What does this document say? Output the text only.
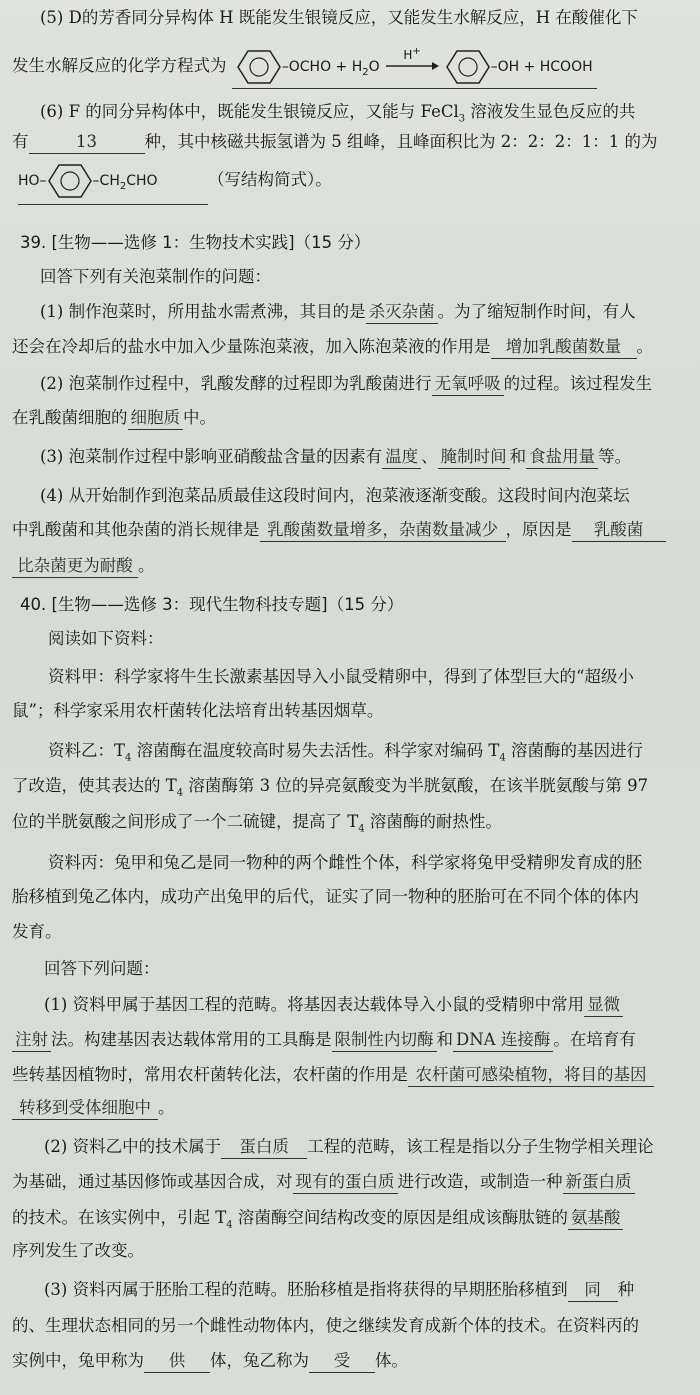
(5) D的芳香同分异构体 H 既能发生银镜反应，又能发生水解反应，H 在酸催化下
发生水解反应的化学方程式为	–OCHO + $H_2O$
H+
–OH + HCOOH
(6) F 的同分异构体中，既能发生银镜反应，又能与 FeCl$_3$ 溶液发生显色反应的共
有	13	种，其中核磁共振氢谱为 5 组峰，且峰面积比为 2：2：2：1：1 的为
HO–	$-CH_2CHO$	（写结构简式）。
39. [生物——选修 1：生物技术实践]（15 分）
回答下列有关泡菜制作的问题：
(1) 制作泡菜时，所用盐水需煮沸，其目的是 杀灭杂菌 。为了缩短制作时间，有人
还会在冷却后的盐水中加入少量陈泡菜液，加入陈泡菜液的作用是 增加乳酸菌数量 。
(2) 泡菜制作过程中，乳酸发酵的过程即为乳酸菌进行 无氧呼吸 的过程。该过程发生
在乳酸菌细胞的 细胞质 中。
(3) 泡菜制作过程中影响亚硝酸盐含量的因素有 温度 、 腌制时间 和 食盐用量 等。
(4) 从开始制作到泡菜品质最佳这段时间内，泡菜液逐渐变酸。这段时间内泡菜坛
中乳酸菌和其他杂菌的消长规律是 乳酸菌数量增多，杂菌数量减少 ，原因是 乳酸菌
比杂菌更为耐酸 。
40. [生物——选修 3：现代生物科技专题]（15 分）
阅读如下资料：
资料甲：科学家将牛生长激素基因导入小鼠受精卵中，得到了体型巨大的“超级小
鼠”；科学家采用农杆菌转化法培育出转基因烟草。
资料乙：$T_4$ 溶菌酶在温度较高时易失去活性。科学家对编码 $T_4$ 溶菌酶的基因进行
了改造，使其表达的 $T_4$ 溶菌酶第 3 位的异亮氨酸变为半胱氨酸，在该半胱氨酸与第 97
位的半胱氨酸之间形成了一个二硫键，提高了 $T_4$ 溶菌酶的耐热性。
资料丙：兔甲和兔乙是同一物种的两个雌性个体，科学家将兔甲受精卵发育成的胚
胎移植到兔乙体内，成功产出兔甲的后代，证实了同一物种的胚胎可在不同个体的体内
发育。
回答下列问题：
(1) 资料甲属于基因工程的范畴。将基因表达载体导入小鼠的受精卵中常用 显微
注射 法。构建基因表达载体常用的工具酶是 限制性内切酶 和 DNA 连接酶 。在培育有
些转基因植物时，常用农杆菌转化法，农杆菌的作用是 农杆菌可感染植物，将目的基因
转移到受体细胞中 。
(2) 资料乙中的技术属于 蛋白质 工程的范畴，该工程是指以分子生物学相关理论
为基础，通过基因修饰或基因合成，对 现有的蛋白质 进行改造，或制造一种 新蛋白质
的技术。在该实例中，引起 $T_4$ 溶菌酶空间结构改变的原因是组成该酶肽链的 氨基酸
序列发生了改变。
(3) 资料丙属于胚胎工程的范畴。胚胎移植是指将获得的早期胚胎移植到 同 种
的、生理状态相同的另一个雌性动物体内，使之继续发育成新个体的技术。在资料丙的
实例中，兔甲称为 供 体，兔乙称为 受 体。
